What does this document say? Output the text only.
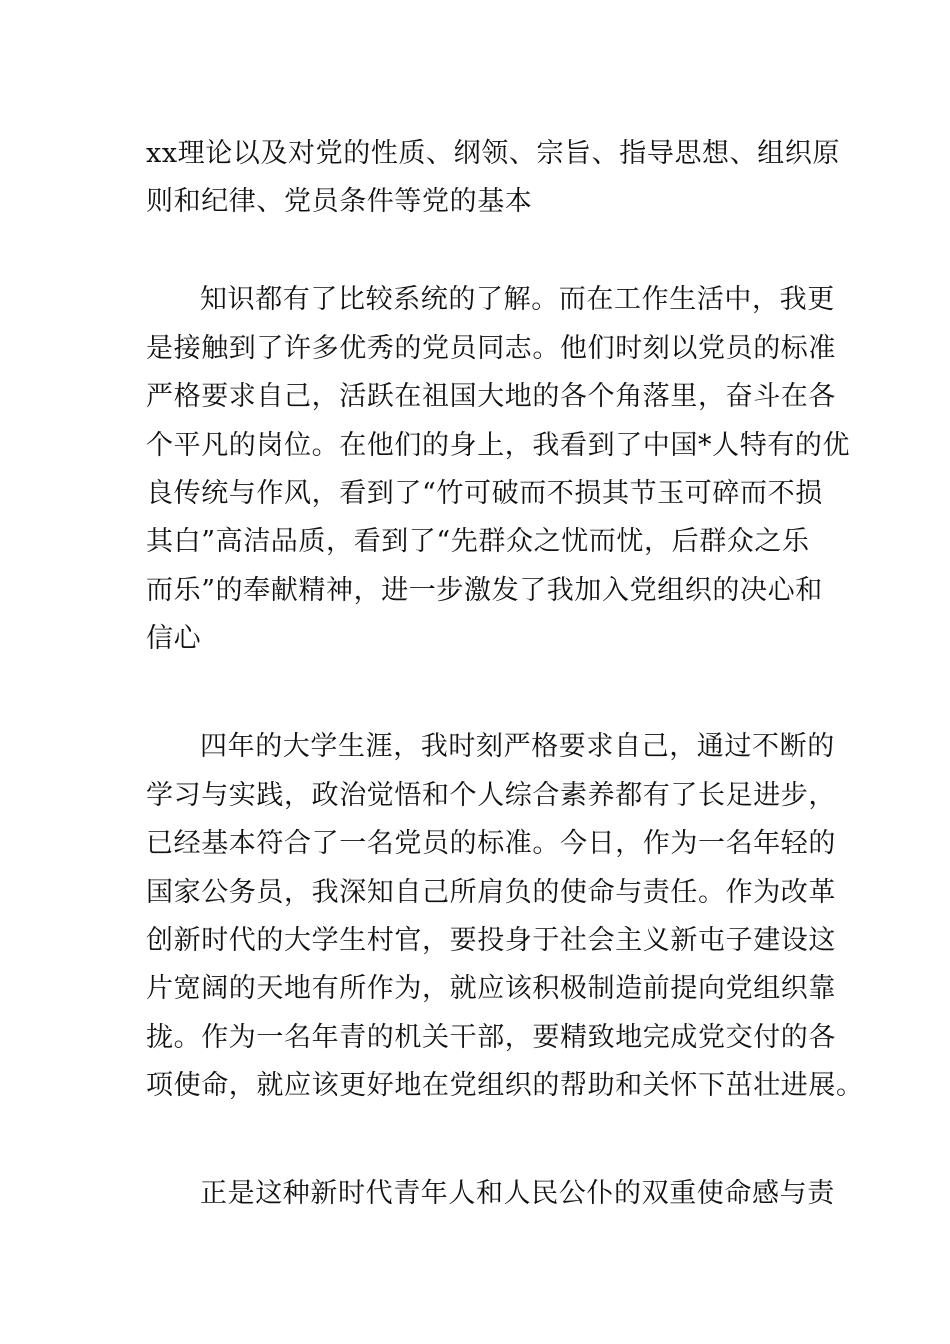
xx理论以及对党的性质、纲领、宗旨、指导思想、组织原

则和纪律、党员条件等党的基本

知识都有了比较系统的了解。而在工作生活中，我更

是接触到了许多优秀的党员同志。他们时刻以党员的标准

严格要求自己，活跃在祖国大地的各个角落里，奋斗在各

个平凡的岗位。在他们的身上，我看到了中国*人特有的优

良传统与作风，看到了“竹可破而不损其节玉可碎而不损

其白”高洁品质，看到了“先群众之忧而忧，后群众之乐

而乐”的奉献精神，进一步激发了我加入党组织的决心和

信心

四年的大学生涯，我时刻严格要求自己，通过不断的

学习与实践，政治觉悟和个人综合素养都有了长足进步，

已经基本符合了一名党员的标准。今日，作为一名年轻的

国家公务员，我深知自己所肩负的使命与责任。作为改革

创新时代的大学生村官，要投身于社会主义新屯子建设这

片宽阔的天地有所作为，就应该积极制造前提向党组织靠

拢。作为一名年青的机关干部，要精致地完成党交付的各

项使命，就应该更好地在党组织的帮助和关怀下茁壮进展。

正是这种新时代青年人和人民公仆的双重使命感与责
